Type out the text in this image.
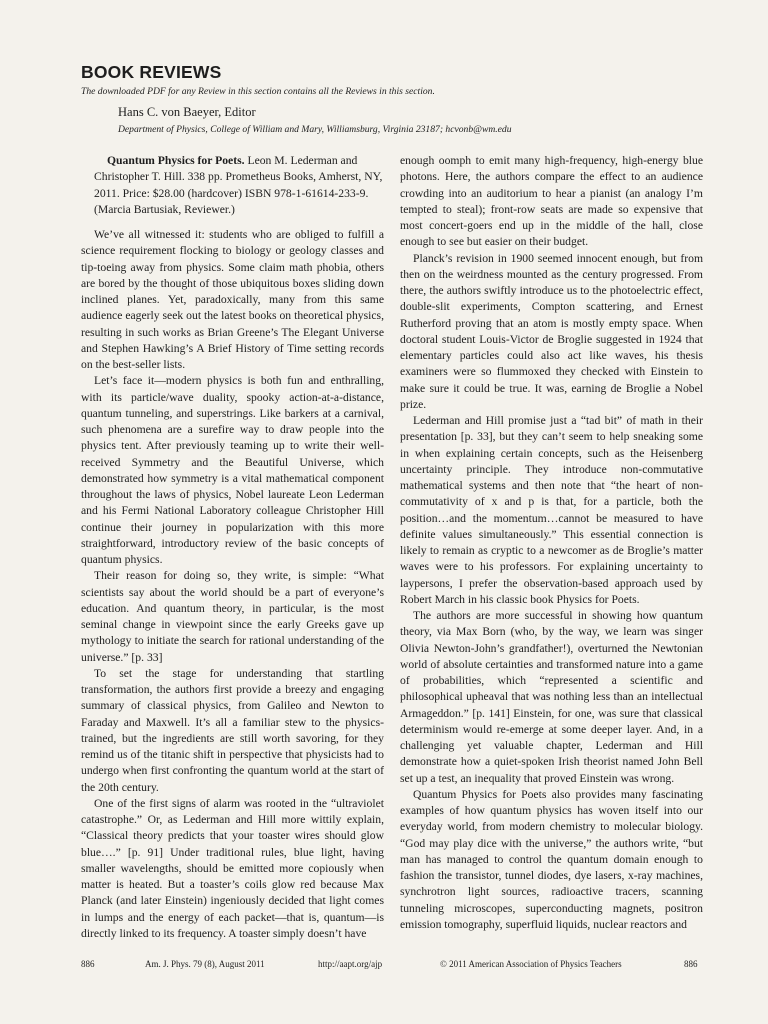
BOOK REVIEWS

The downloaded PDF for any Review in this section contains all the Reviews in this section.

Hans C. von Baeyer, Editor

Department of Physics, College of William and Mary, Williamsburg, Virginia 23187; hcvonb@wm.edu

Quantum Physics for Poets. Leon M. Lederman and Christopher T. Hill. 338 pp. Prometheus Books, Amherst, NY, 2011. Price: $28.00 (hardcover) ISBN 978-1-61614-233-9. (Marcia Bartusiak, Reviewer.)

We’ve all witnessed it: students who are obliged to fulfill a science requirement flocking to biology or geology classes and tip-toeing away from physics. Some claim math phobia, others are bored by the thought of those ubiquitous boxes sliding down inclined planes. Yet, paradoxically, many from this same audience eagerly seek out the latest books on theoretical physics, resulting in such works as Brian Greene’s The Elegant Universe and Stephen Hawking’s A Brief History of Time setting records on the best-seller lists.

Let’s face it—modern physics is both fun and enthralling, with its particle/wave duality, spooky action-at-a-distance, quantum tunneling, and superstrings. Like barkers at a carnival, such phenomena are a surefire way to draw people into the physics tent. After previously teaming up to write their well-received Symmetry and the Beautiful Universe, which demonstrated how symmetry is a vital mathematical component throughout the laws of physics, Nobel laureate Leon Lederman and his Fermi National Laboratory colleague Christopher Hill continue their journey in popularization with this more straightforward, introductory review of the basic concepts of quantum physics.

Their reason for doing so, they write, is simple: “What scientists say about the world should be a part of everyone’s education. And quantum theory, in particular, is the most seminal change in viewpoint since the early Greeks gave up mythology to initiate the search for rational understanding of the universe.” [p. 33]

To set the stage for understanding that startling transformation, the authors first provide a breezy and engaging summary of classical physics, from Galileo and Newton to Faraday and Maxwell. It’s all a familiar stew to the physics-trained, but the ingredients are still worth savoring, for they remind us of the titanic shift in perspective that physicists had to undergo when first confronting the quantum world at the start of the 20th century.

One of the first signs of alarm was rooted in the “ultraviolet catastrophe.” Or, as Lederman and Hill more wittily explain, “Classical theory predicts that your toaster wires should glow blue….” [p. 91] Under traditional rules, blue light, having smaller wavelengths, should be emitted more copiously when matter is heated. But a toaster’s coils glow red because Max Planck (and later Einstein) ingeniously decided that light comes in lumps and the energy of each packet—that is, quantum—is directly linked to its frequency. A toaster simply doesn’t have

enough oomph to emit many high-frequency, high-energy blue photons. Here, the authors compare the effect to an audience crowding into an auditorium to hear a pianist (an analogy I’m tempted to steal); front-row seats are made so expensive that most concert-goers end up in the middle of the hall, close enough to see but easier on their budget.

Planck’s revision in 1900 seemed innocent enough, but from then on the weirdness mounted as the century progressed. From there, the authors swiftly introduce us to the photoelectric effect, double-slit experiments, Compton scattering, and Ernest Rutherford proving that an atom is mostly empty space. When doctoral student Louis-Victor de Broglie suggested in 1924 that elementary particles could also act like waves, his thesis examiners were so flummoxed they checked with Einstein to make sure it could be true. It was, earning de Broglie a Nobel prize.

Lederman and Hill promise just a “tad bit” of math in their presentation [p. 33], but they can’t seem to help sneaking some in when explaining certain concepts, such as the Heisenberg uncertainty principle. They introduce non-commutative mathematical systems and then note that “the heart of non-commutativity of x and p is that, for a particle, both the position…and the momentum…cannot be measured to have definite values simultaneously.” This essential connection is likely to remain as cryptic to a newcomer as de Broglie’s matter waves were to his professors. For explaining uncertainty to laypersons, I prefer the observation-based approach used by Robert March in his classic book Physics for Poets.

The authors are more successful in showing how quantum theory, via Max Born (who, by the way, we learn was singer Olivia Newton-John’s grandfather!), overturned the Newtonian world of absolute certainties and transformed nature into a game of probabilities, which “represented a scientific and philosophical upheaval that was nothing less than an intellectual Armageddon.” [p. 141] Einstein, for one, was sure that classical determinism would re-emerge at some deeper layer. And, in a challenging yet valuable chapter, Lederman and Hill demonstrate how a quiet-spoken Irish theorist named John Bell set up a test, an inequality that proved Einstein was wrong.

Quantum Physics for Poets also provides many fascinating examples of how quantum physics has woven itself into our everyday world, from modern chemistry to molecular biology. “God may play dice with the universe,” the authors write, “but man has managed to control the quantum domain enough to fashion the transistor, tunnel diodes, dye lasers, x-ray machines, synchrotron light sources, radioactive tracers, scanning tunneling microscopes, superconducting magnets, positron emission tomography, superfluid liquids, nuclear reactors and

886	Am. J. Phys. 79 (8), August 2011	http://aapt.org/ajp	© 2011 American Association of Physics Teachers	886
